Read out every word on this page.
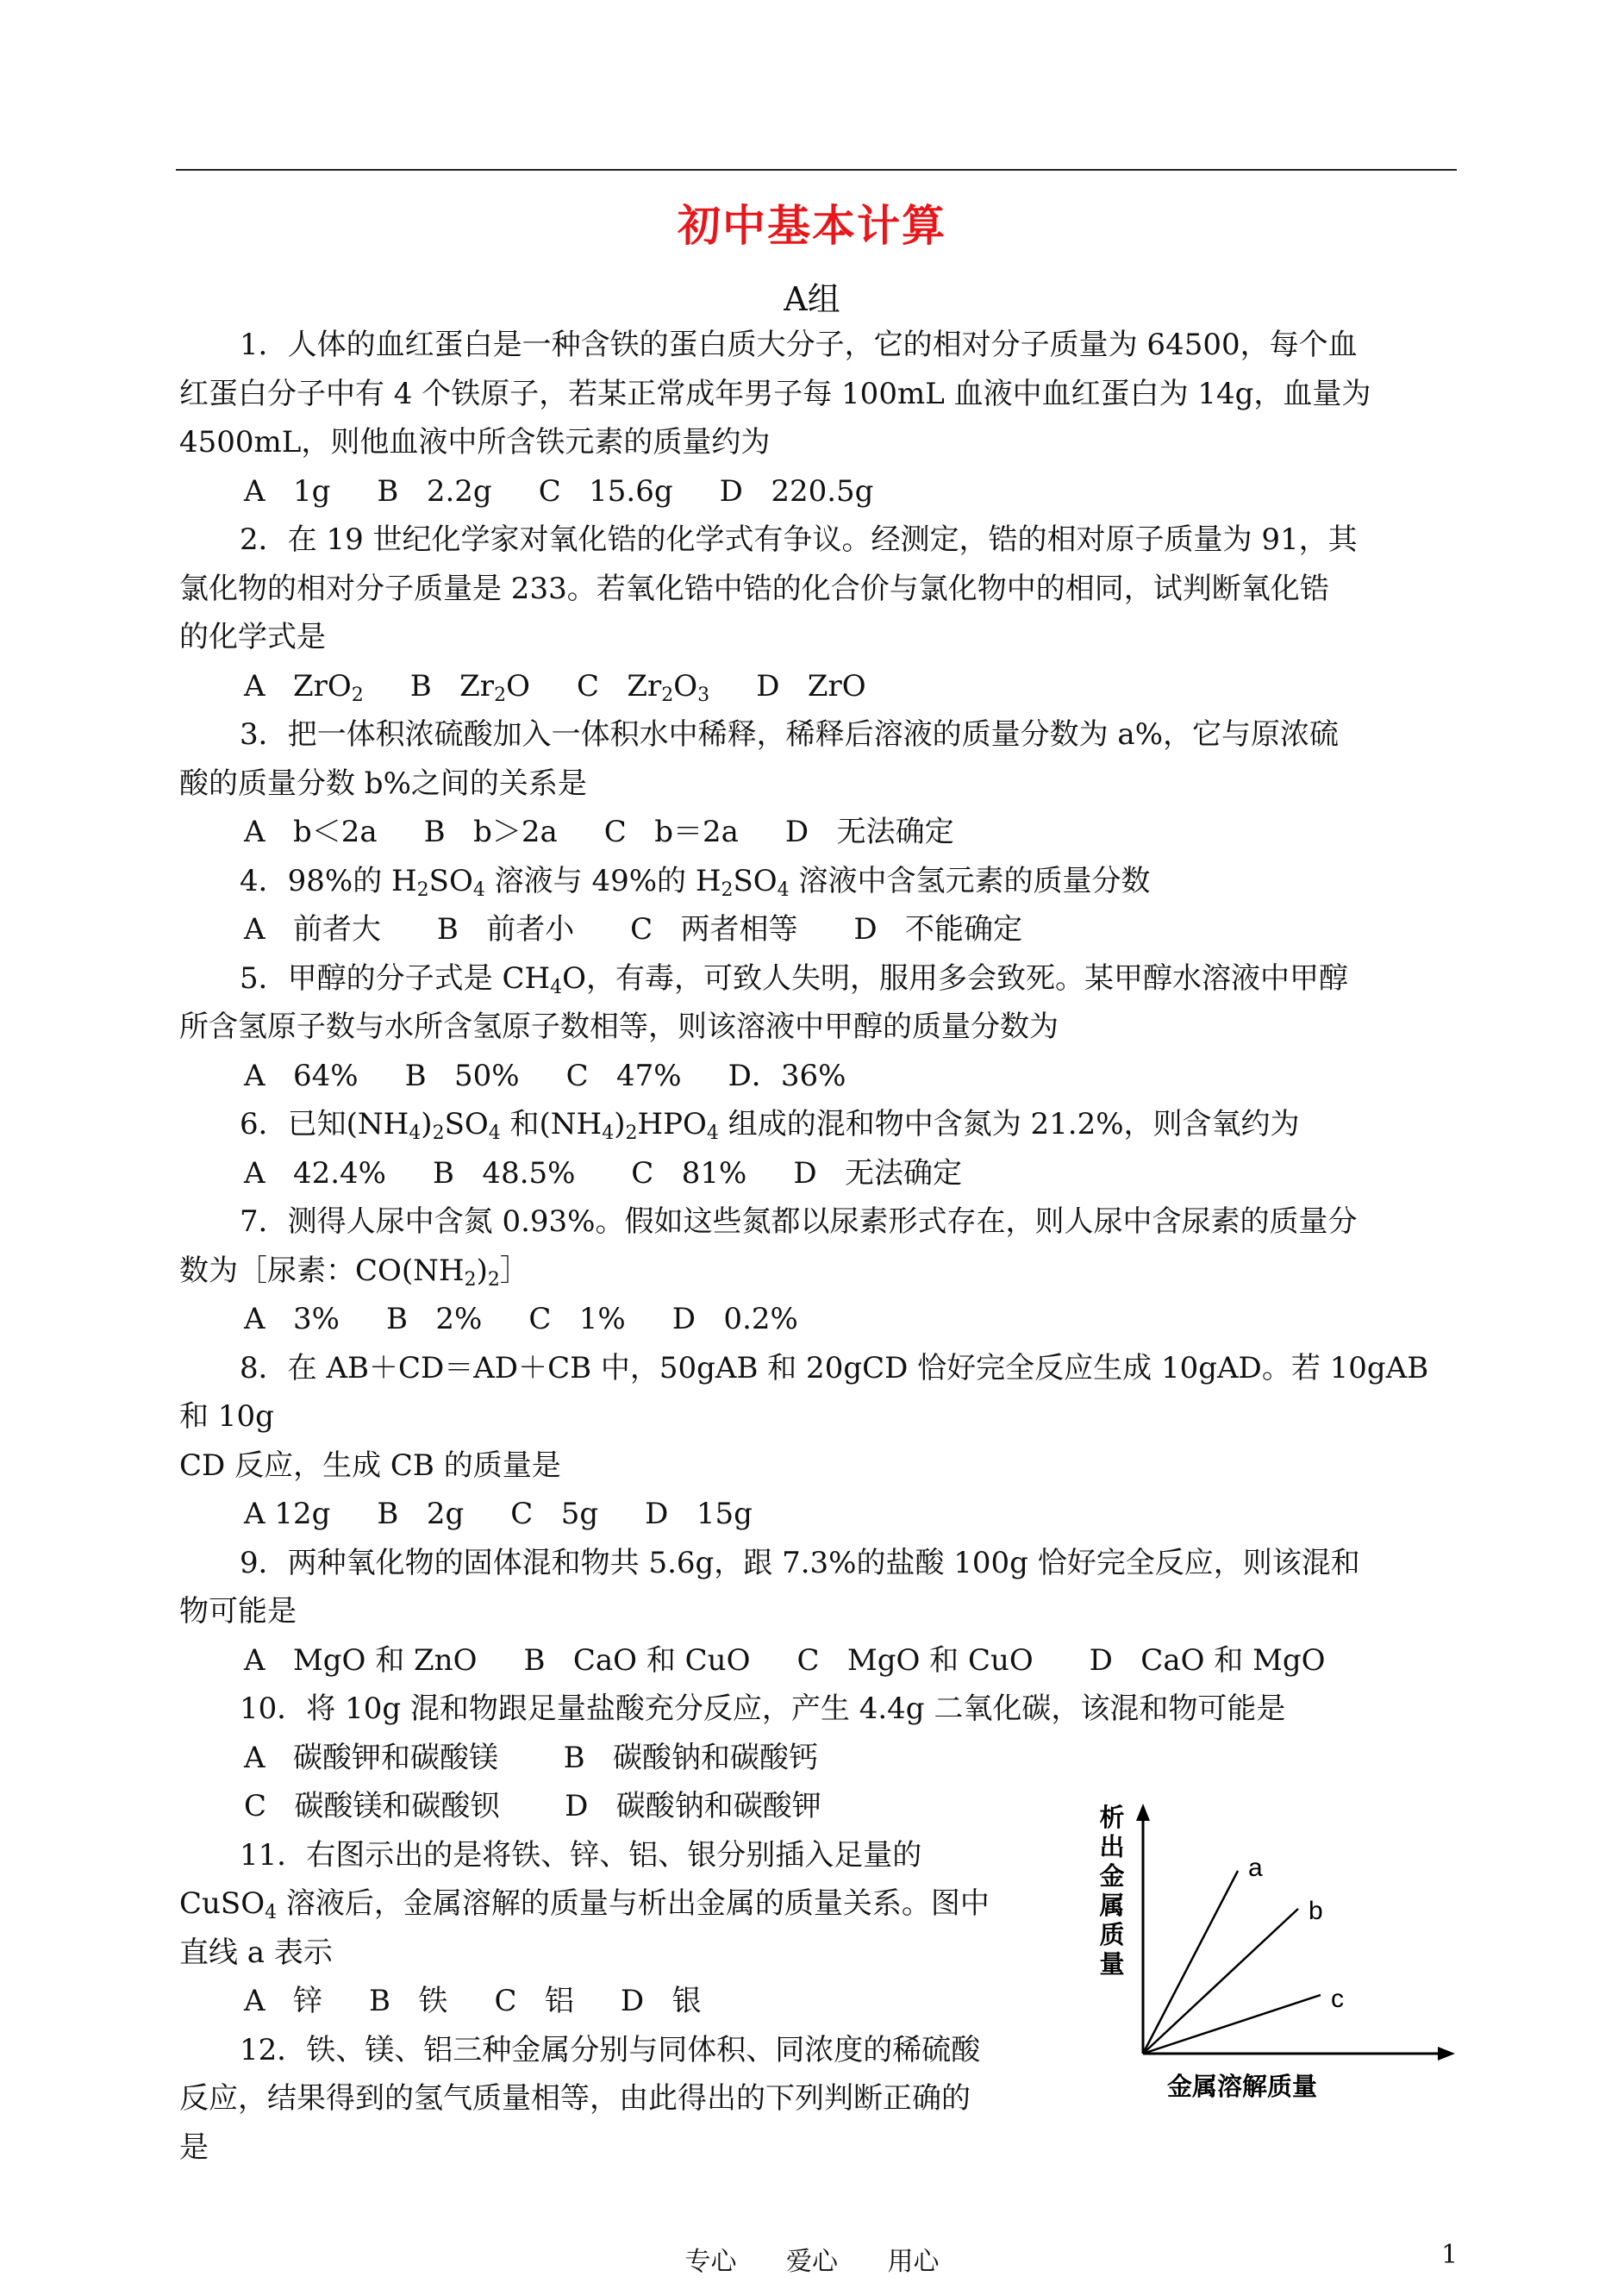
初中基本计算
A组

1．人体的血红蛋白是一种含铁的蛋白质大分子，它的相对分子质量为 64500，每个血

红蛋白分子中有 4 个铁原子，若某正常成年男子每 100mL 血液中血红蛋白为 14g，血量为

4500mL，则他血液中所含铁元素的质量约为

A   1g     B   2.2g     C   15.6g     D   220.5g

2．在 19 世纪化学家对氧化锆的化学式有争议。经测定，锆的相对原子质量为 91，其

氯化物的相对分子质量是 233。若氧化锆中锆的化合价与氯化物中的相同，试判断氧化锆

的化学式是

A   ZrO$_2$     B   $Zr_2O$     C   $Zr_2O_3$     D   ZrO

3．把一体积浓硫酸加入一体积水中稀释，稀释后溶液的质量分数为 a%，它与原浓硫

酸的质量分数 b%之间的关系是

A   b＜2a     B   b＞2a     C   b＝2a     D   无法确定

4．98%的 $H_2SO_4$ 溶液与 49%的 $H_2SO_4$ 溶液中含氢元素的质量分数

A   前者大      B   前者小      C   两者相等      D   不能确定

5．甲醇的分子式是 $CH_4O$，有毒，可致人失明，服用多会致死。某甲醇水溶液中甲醇

所含氢原子数与水所含氢原子数相等，则该溶液中甲醇的质量分数为

A   64%     B   50%     C   47%     D．36%

6．已知$(NH_4)_2SO_4$ 和$(NH_4)_2HPO_4$ 组成的混和物中含氮为 21.2%，则含氧约为

A   42.4%     B   48.5%      C   81%     D   无法确定

7．测得人尿中含氮 0.93%。假如这些氮都以尿素形式存在，则人尿中含尿素的质量分

数为［尿素：$CO(NH_2)_2]$

A   3%     B   2%     C   1%     D   0.2%

8．在 AB＋CD＝AD＋CB 中，50gAB 和 20gCD 恰好完全反应生成 10gAD。若 10gAB 和 10g

CD 反应，生成 CB 的质量是

A 12g     B   2g     C   5g     D   15g

9．两种氧化物的固体混和物共 5.6g，跟 7.3%的盐酸 100g 恰好完全反应，则该混和

物可能是

A   MgO 和 ZnO     B   CaO 和 CuO     C   MgO 和 CuO      D   CaO 和 MgO

10．将 10g 混和物跟足量盐酸充分反应，产生 4.4g 二氧化碳，该混和物可能是

A   碳酸钾和碳酸镁       B   碳酸钠和碳酸钙

C   碳酸镁和碳酸钡       D   碳酸钠和碳酸钾

11．右图示出的是将铁、锌、铝、银分别插入足量的

CuSO$_4$ 溶液后，金属溶解的质量与析出金属的质量关系。图中

直线 a 表示

A   锌     B   铁     C   铝     D   银

12．铁、镁、铝三种金属分别与同体积、同浓度的稀硫酸

反应，结果得到的氢气质量相等，由此得出的下列判断正确的

是

析
出
金
属
质
量
a
b
c
金属溶解质量
专心 爱心 用心	1
